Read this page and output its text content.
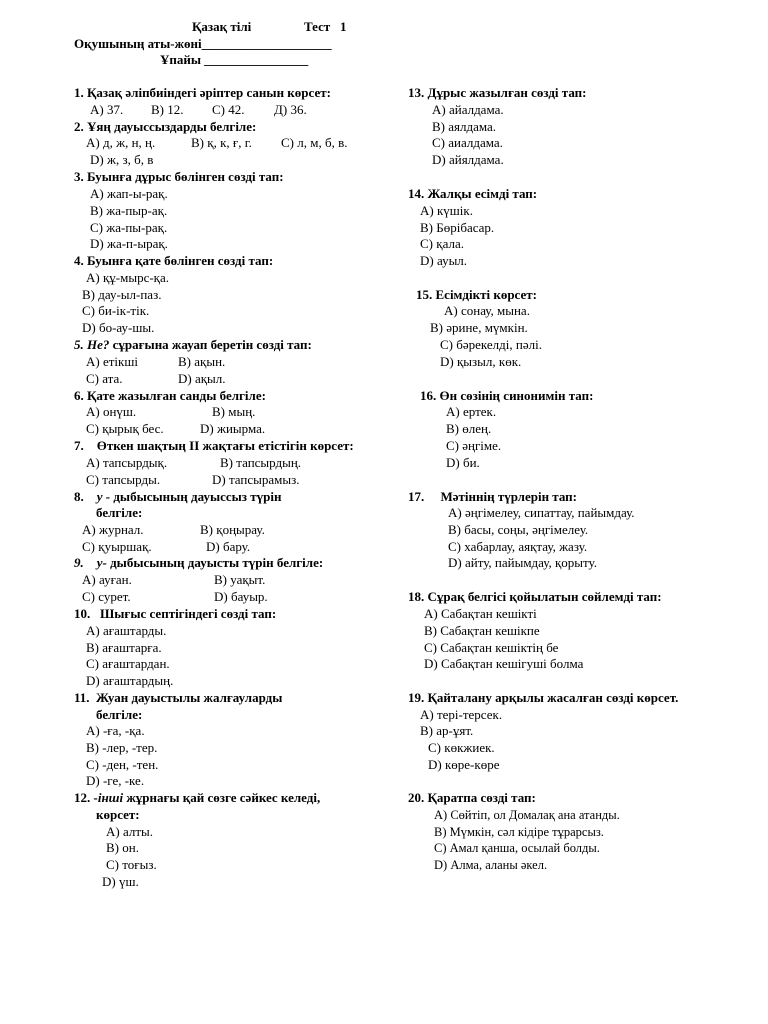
Қазақ тілі	Тест   1
Оқушының аты-жөні____________________
Ұпайы ________________
1. Қазақ әліпбиіндегі әріптер санын көрсет:
А) 37. В) 12. С) 42. Д) 36.
2. Ұяң дауыссыздарды белгіле:
А) д, ж, н, ң.	В) қ, к, ғ, г. С) л, м, б, в.
D) ж, з, б, в
3. Буынға дұрыс бөлінген сөзді тап:
А) жап-ы-рақ.
В) жа-пыр-ақ.
С) жа-пы-рақ.
D) жа-п-ырақ.
4. Буынға қате бөлінген сөзді тап:
А) құ-мырс-қа.
В) дау-ыл-паз.
С) би-ік-тік.
D) бо-ау-шы.
5. Не? сұрағына жауап беретін сөзді тап:
А) етікші	В) ақын.
С) ата.	D) ақыл.
6. Қате жазылған санды белгіле:
А) онүш.	В) мың.
С) қырық бес.	D) жиырма.
7.    Өткен шақтың ІІ жақтағы етістігін көрсет:
А) тапсырдық.	В) тапсырдың.
С) тапсырды.	D) тапсырамыз.
8. у - дыбысының дауыссыз түрін
белгіле:
А) журнал.	В) қоңырау.
С) қуыршақ.	D) бару.
9. у- дыбысының дауысты түрін белгіле:
А) ауған.	В) уақыт.
С) сурет.	D) бауыр.
10.   Шығыс септігіндегі сөзді тап:
А) ағаштарды.
В) ағаштарға.
С) ағаштардан.
D) ағаштардың.
11.  Жуан дауыстылы жалғауларды
белгіле:
А) -ға, -қа.
В) -лер, -тер.
С) -ден, -тен.
D) -ге, -ке.
12. -інші жұрнағы қай сөзге сәйкес келеді,
көрсет:
А) алты.
В) он.
С) тоғыз.
D) үш.
13. Дұрыс жазылған сөзді тап:
А) айалдама.
В) аялдама.
С) аиалдама.
D) айялдама.
14. Жалқы есімді тап:
А) күшік.
В) Бөрібасар.
С) қала.
D) ауыл.
15. Есімдікті көрсет:
А) сонау, мына.
В) әрине, мүмкін.
С) бәрекелді, пәлі.
D) қызыл, көк.
16. Өн сөзінің синонимін тап:
А) ертек.
В) өлең.
С) әңгіме.
D) би.
17.     Мәтіннің түрлерін тап:
А) әңгімелеу, сипаттау, пайымдау.
В) басы, соңы, әңгімелеу.
С) хабарлау, аяқтау, жазу.
D) айту, пайымдау, қорыту.
18. Сұрақ белгісі қойылатын сөйлемді тап:
А) Сабақтан кешікті
В) Сабақтан кешікпе
С) Сабақтан кешіктің бе
D) Сабақтан кешігуші болма
19. Қайталану арқылы жасалған сөзді көрсет.
А) тері-терсек.
В) ар-ұят.
С) көкжиек.
D) көре-көре
20. Қаратпа сөзді тап:
А) Сөйтіп, ол Домалақ ана атанды.
В) Мүмкін, сәл кідіре тұрарсыз.
С) Амал қанша, осылай болды.
D) Алма, аланы әкел.
